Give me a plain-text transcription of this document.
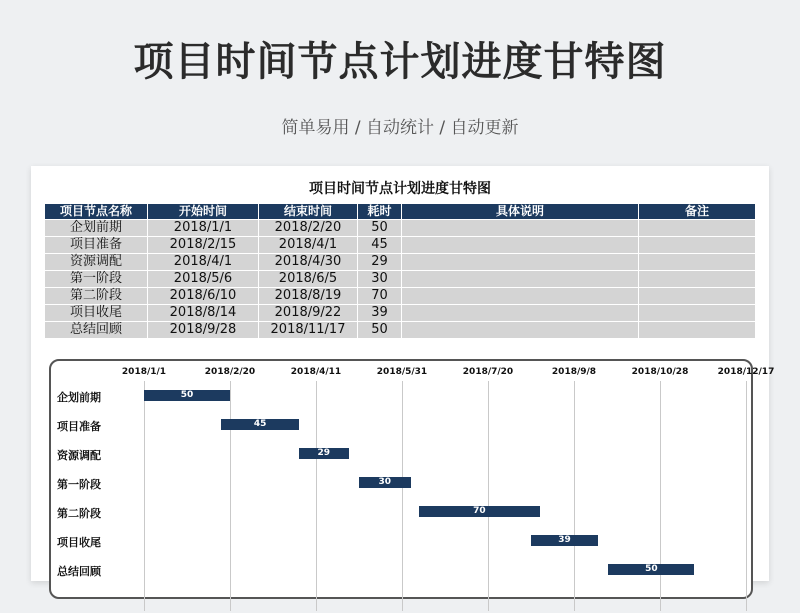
项目时间节点计划进度甘特图
简单易用 / 自动统计 / 自动更新
项目时间节点计划进度甘特图
项目节点名称	开始时间	结束时间	耗时	具体说明	备注
企划前期	2018/1/1	2018/2/20	50		
项目准备	2018/2/15	2018/4/1	45		
资源调配	2018/4/1	2018/4/30	29		
第一阶段	2018/5/6	2018/6/5	30		
第二阶段	2018/6/10	2018/8/19	70		
项目收尾	2018/8/14	2018/9/22	39		
总结回顾	2018/9/28	2018/11/17	50		
2018/1/1	2018/2/20	2018/4/11	2018/5/31	2018/7/20	2018/9/8	2018/10/28	2018/12/17
企划前期	50
项目准备	45
资源调配	29
第一阶段	30
第二阶段	70
项目收尾	39
总结回顾	50
